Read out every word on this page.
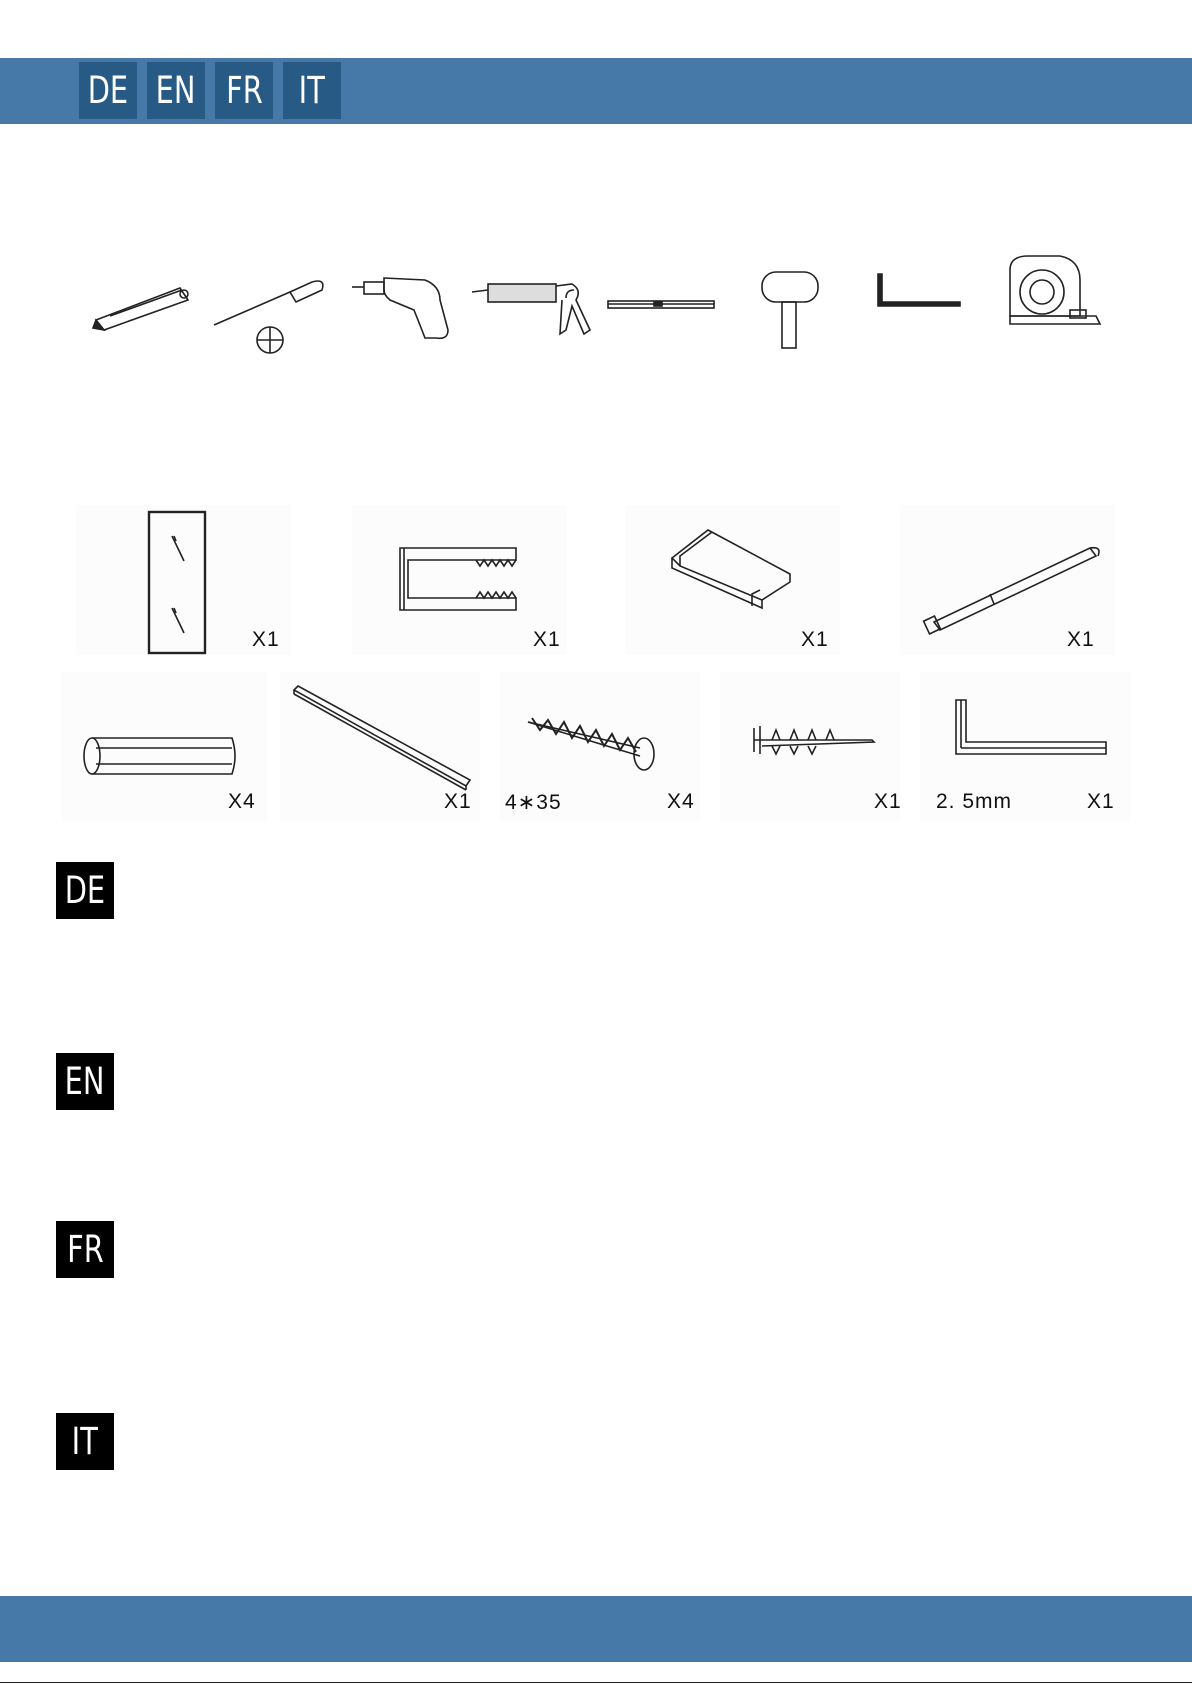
DE EN FR IT
X1	X1	X1	X1
X4	X1 4∗35	X4	X1 2. 5mm	X1
DE
EN
FR
IT
